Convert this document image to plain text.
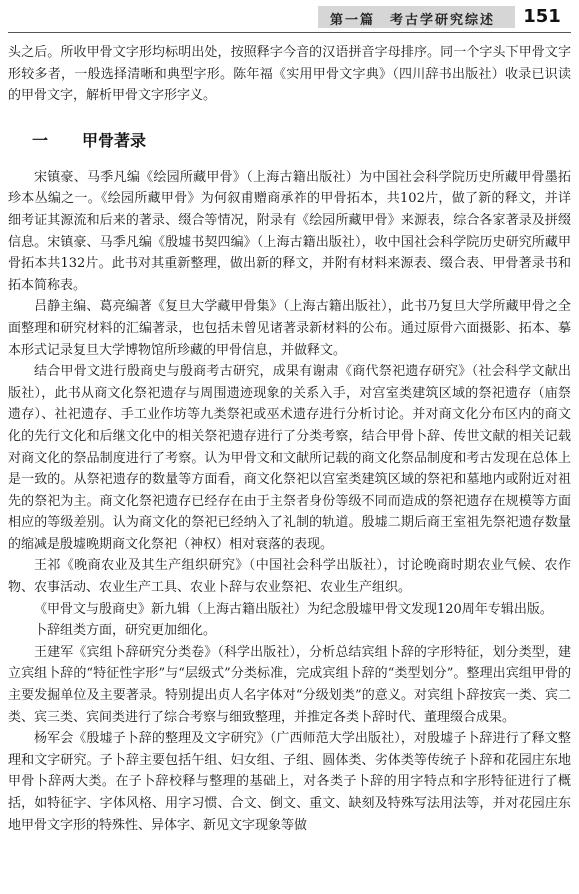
第一篇　考古学研究综述	151

头之后。所收甲骨文字形均标明出处，按照释字今音的汉语拼音字母排序。同一个字头下甲骨文字形较多者，一般选择清晰和典型字形。陈年福《实用甲骨文字典》（四川辞书出版社）收录已识读的甲骨文字，解析甲骨文字形字义。

一 甲骨著录

宋镇豪、马季凡编《绘园所藏甲骨》（上海古籍出版社）为中国社会科学院历史所藏甲骨墨拓珍本丛编之一。《绘园所藏甲骨》为何叙甫赠商承祚的甲骨拓本，共102片，做了新的释文，并详细考证其源流和后来的著录、缀合等情况，附录有《绘园所藏甲骨》来源表，综合各家著录及拼缀信息。宋镇豪、马季凡编《殷墟书契四编》（上海古籍出版社），收中国社会科学院历史研究所藏甲骨拓本共132片。此书对其重新整理，做出新的释文，并附有材料来源表、缀合表、甲骨著录书和拓本简称表。

吕静主编、葛亮编著《复旦大学藏甲骨集》（上海古籍出版社），此书乃复旦大学所藏甲骨之全面整理和研究材料的汇编著录，也包括未曾见诸著录新材料的公布。通过原骨六面摄影、拓本、摹本形式记录复旦大学博物馆所珍藏的甲骨信息，并做释文。

结合甲骨文进行殷商史与殷商考古研究，成果有谢肃《商代祭祀遗存研究》（社会科学文献出版社），此书从商文化祭祀遗存与周围遗迹现象的关系入手，对宫室类建筑区域的祭祀遗存（庙祭遗存）、社祀遗存、手工业作坊等九类祭祀或巫术遗存进行分析讨论。并对商文化分布区内的商文化的先行文化和后继文化中的相关祭祀遗存进行了分类考察，结合甲骨卜辞、传世文献的相关记载对商文化的祭品制度进行了考察。认为甲骨文和文献所记载的商文化祭品制度和考古发现在总体上是一致的。从祭祀遗存的数量等方面看，商文化祭祀以宫室类建筑区域的祭祀和墓地内或附近对祖先的祭祀为主。商文化祭祀遗存已经存在由于主祭者身份等级不同而造成的祭祀遗存在规模等方面相应的等级差别。认为商文化的祭祀已经纳入了礼制的轨道。殷墟二期后商王室祖先祭祀遗存数量的缩减是殷墟晚期商文化祭祀（神权）相对衰落的表现。

王祁《晚商农业及其生产组织研究》（中国社会科学出版社），讨论晚商时期农业气候、农作物、农事活动、农业生产工具、农业卜辞与农业祭祀、农业生产组织。

《甲骨文与殷商史》新九辑（上海古籍出版社）为纪念殷墟甲骨文发现120周年专辑出版。

卜辞组类方面，研究更加细化。

王建军《宾组卜辞研究分类卷》（科学出版社），分析总结宾组卜辞的字形特征，划分类型，建立宾组卜辞的“特征性字形”与“层级式”分类标准，完成宾组卜辞的“类型划分”。整理出宾组甲骨的主要发掘单位及主要著录。特别提出贞人名字体对“分级划类”的意义。对宾组卜辞按宾一类、宾二类、宾三类、宾间类进行了综合考察与细致整理，并推定各类卜辞时代、董理缀合成果。

杨军会《殷墟子卜辞的整理及文字研究》（广西师范大学出版社），对殷墟子卜辞进行了释文整理和文字研究。子卜辞主要包括午组、妇女组、子组、圆体类、劣体类等传统子卜辞和花园庄东地甲骨卜辞两大类。在子卜辞校释与整理的基础上，对各类子卜辞的用字特点和字形特征进行了概括，如特征字、字体风格、用字习惯、合文、倒文、重文、缺刻及特殊写法用法等，并对花园庄东地甲骨文字形的特殊性、异体字、新见文字现象等做
